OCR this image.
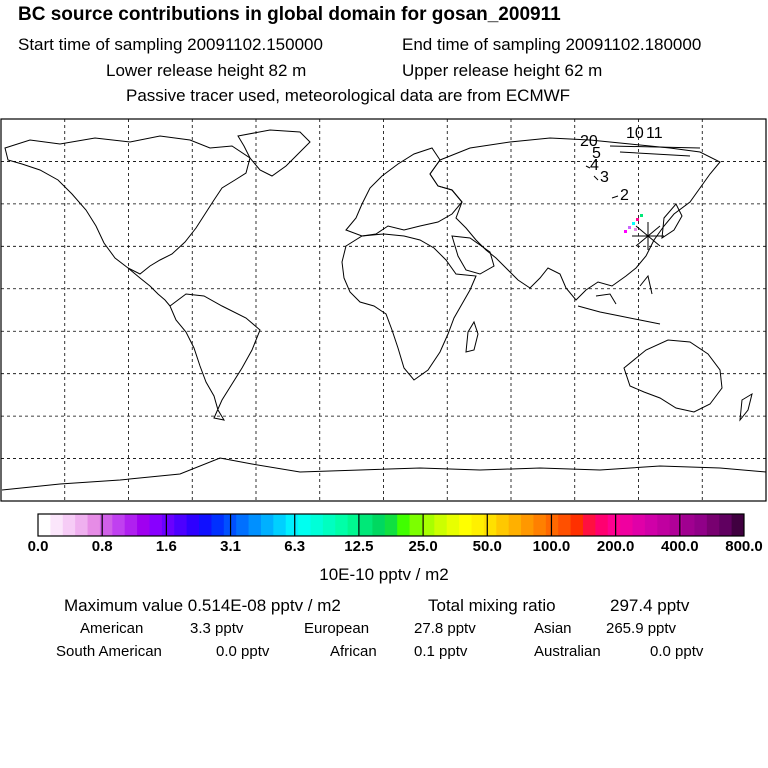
BC source contributions in global domain for gosan_200911
Start time of sampling 20091102.150000	End time of sampling 20091102.180000
Lower release height 82 m	Upper release height 62 m
Passive tracer used, meteorological data are from ECMWF
2
3
4
5
20 10 11
0.0	0.8	1.6	3.1	6.3	12.5 25.0 50.0 100.0 200.0 400.0 800.0
10E-10 pptv / m2
Maximum value 0.514E-08 pptv / m2	Total mixing ratio	297.4 pptv
American	3.3 pptv	European	27.8 pptv	Asian 265.9 pptv
South American	0.0 pptv	African 0.1 pptv	Australian	0.0 pptv
